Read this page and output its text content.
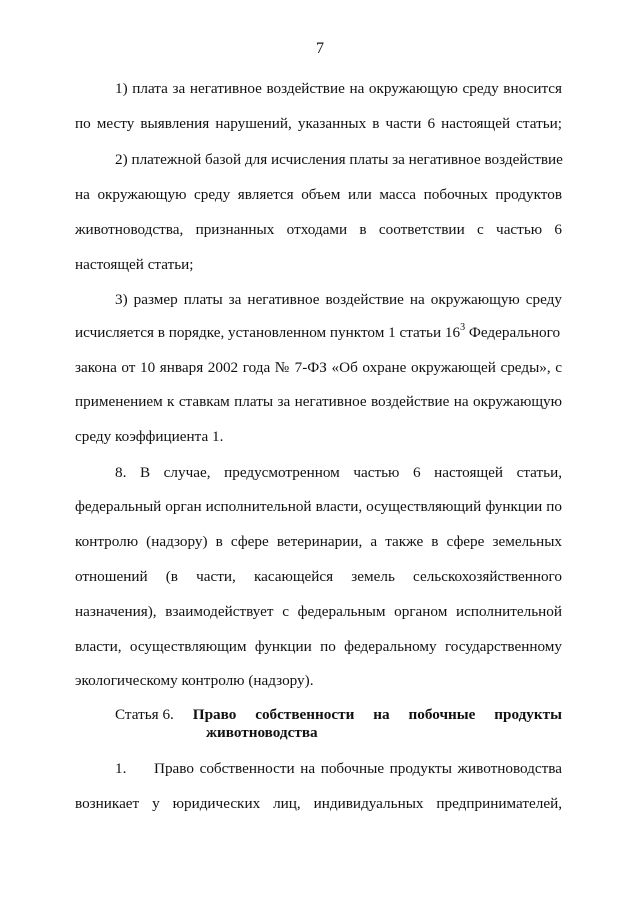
7
1) плата за негативное воздействие на окружающую среду вносится
по месту выявления нарушений, указанных в части 6 настоящей статьи;
2) платежной базой для исчисления платы за негативное воздействие
на окружающую среду является объем или масса побочных продуктов
животноводства, признанных отходами в соответствии с частью 6
настоящей статьи;
3) размер платы за негативное воздействие на окружающую среду
исчисляется в порядке, установленном пунктом 1 статьи $16^3$ Федерального
закона от 10 января 2002 года № 7-ФЗ «Об охране окружающей среды», с
применением к ставкам платы за негативное воздействие на окружающую
среду коэффициента 1.
8. В случае, предусмотренном частью 6 настоящей статьи,
федеральный орган исполнительной власти, осуществляющий функции по
контролю (надзору) в сфере ветеринарии, а также в сфере земельных
отношений (в части, касающейся земель сельскохозяйственного
назначения), взаимодействует с федеральным органом исполнительной
власти, осуществляющим функции по федеральному государственному
экологическому контролю (надзору).
Статья 6. Право собственности на побочные продукты
животноводства
1.	Право собственности на побочные продукты животноводства
возникает у юридических лиц, индивидуальных предпринимателей,
